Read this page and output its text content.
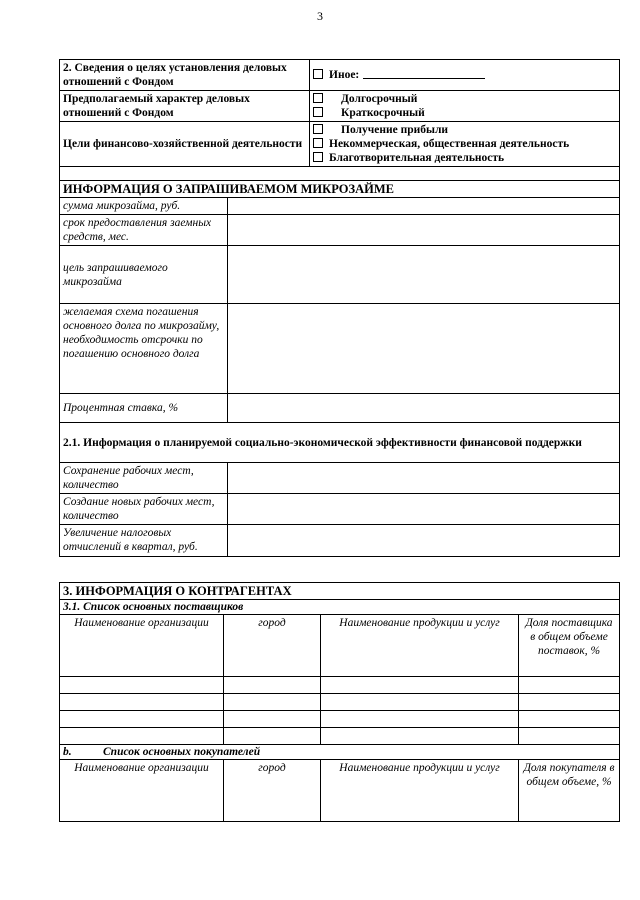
3
2. Сведения о целях установления деловых отношений с Фондом		Иное:

Предполагаемый характер деловых отношений с Фондом		Долгосрочный
Краткосрочный

Цели финансово-хозяйственной деятельности		Получение прибыли
Некоммерческая, общественная деятельность
Благотворительная деятельность

ИНФОРМАЦИЯ О ЗАПРАШИВАЕМОМ МИКРОЗАЙМЕ		
сумма микрозайма, руб.		
срок предоставления заемных средств, мес.		
цель запрашиваемого микрозайма		
желаемая схема погашения основного долга по микрозайму, необходимость отсрочки по погашению основного долга		
Процентная ставка, %		
2.1. Информация о планируемой социально-экономической эффективности финансовой поддержки		
Сохранение рабочих мест, количество		
Создание новых рабочих мест, количество		
Увеличение налоговых отчислений в квартал, руб.		
3. ИНФОРМАЦИЯ О КОНТРАГЕНТАХ			
3.1. Список основных поставщиков			
Наименование организации	город	Наименование продукции и услуг	Доля поставщика в общем объеме поставок, %

b. Список основных покупателей			
Наименование организации	город	Наименование продукции и услуг	Доля покупателя в общем объеме, %
